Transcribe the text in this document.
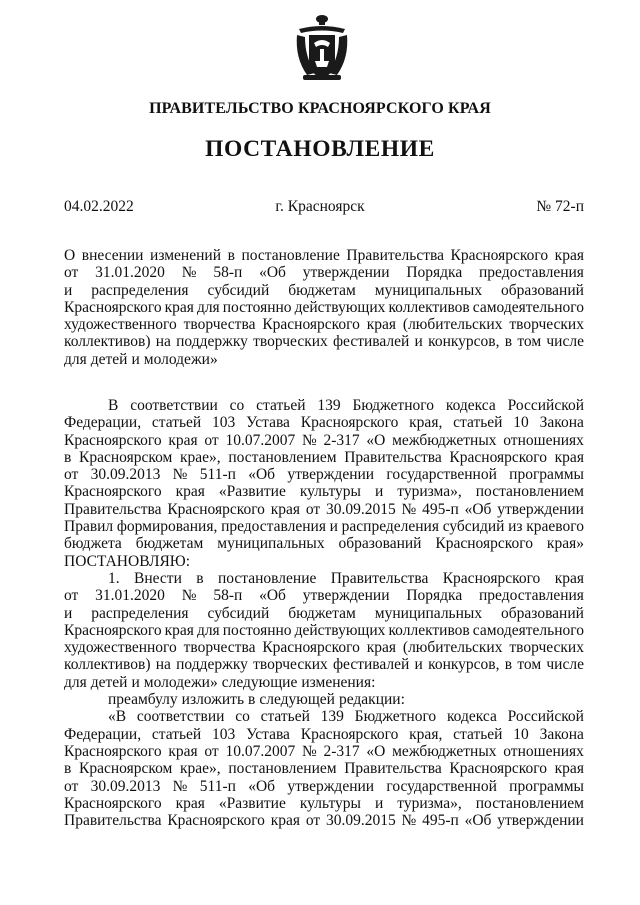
ПРАВИТЕЛЬСТВО КРАСНОЯРСКОГО КРАЯ
ПОСТАНОВЛЕНИЕ
04.02.2022	г. Красноярск	№ 72-п
О внесении изменений в постановление Правительства Красноярского края
от 31.01.2020 № 58-п «Об утверждении Порядка предоставления
и распределения субсидий бюджетам муниципальных образований
Красноярского края для постоянно действующих коллективов самодеятельного
художественного творчества Красноярского края (любительских творческих
коллективов) на поддержку творческих фестивалей и конкурсов, в том числе
для детей и молодежи»
В соответствии со статьей 139 Бюджетного кодекса Российской
Федерации, статьей 103 Устава Красноярского края, статьей 10 Закона
Красноярского края от 10.07.2007 № 2-317 «О межбюджетных отношениях
в Красноярском крае», постановлением Правительства Красноярского края
от 30.09.2013 № 511-п «Об утверждении государственной программы
Красноярского края «Развитие культуры и туризма», постановлением
Правительства Красноярского края от 30.09.2015 № 495-п «Об утверждении
Правил формирования, предоставления и распределения субсидий из краевого
бюджета бюджетам муниципальных образований Красноярского края»
ПОСТАНОВЛЯЮ:
1. Внести в постановление Правительства Красноярского края
от 31.01.2020 № 58-п «Об утверждении Порядка предоставления
и распределения субсидий бюджетам муниципальных образований
Красноярского края для постоянно действующих коллективов самодеятельного
художественного творчества Красноярского края (любительских творческих
коллективов) на поддержку творческих фестивалей и конкурсов, в том числе
для детей и молодежи» следующие изменения:
преамбулу изложить в следующей редакции:
«В соответствии со статьей 139 Бюджетного кодекса Российской
Федерации, статьей 103 Устава Красноярского края, статьей 10 Закона
Красноярского края от 10.07.2007 № 2-317 «О межбюджетных отношениях
в Красноярском крае», постановлением Правительства Красноярского края
от 30.09.2013 № 511-п «Об утверждении государственной программы
Красноярского края «Развитие культуры и туризма», постановлением
Правительства Красноярского края от 30.09.2015 № 495-п «Об утверждении
